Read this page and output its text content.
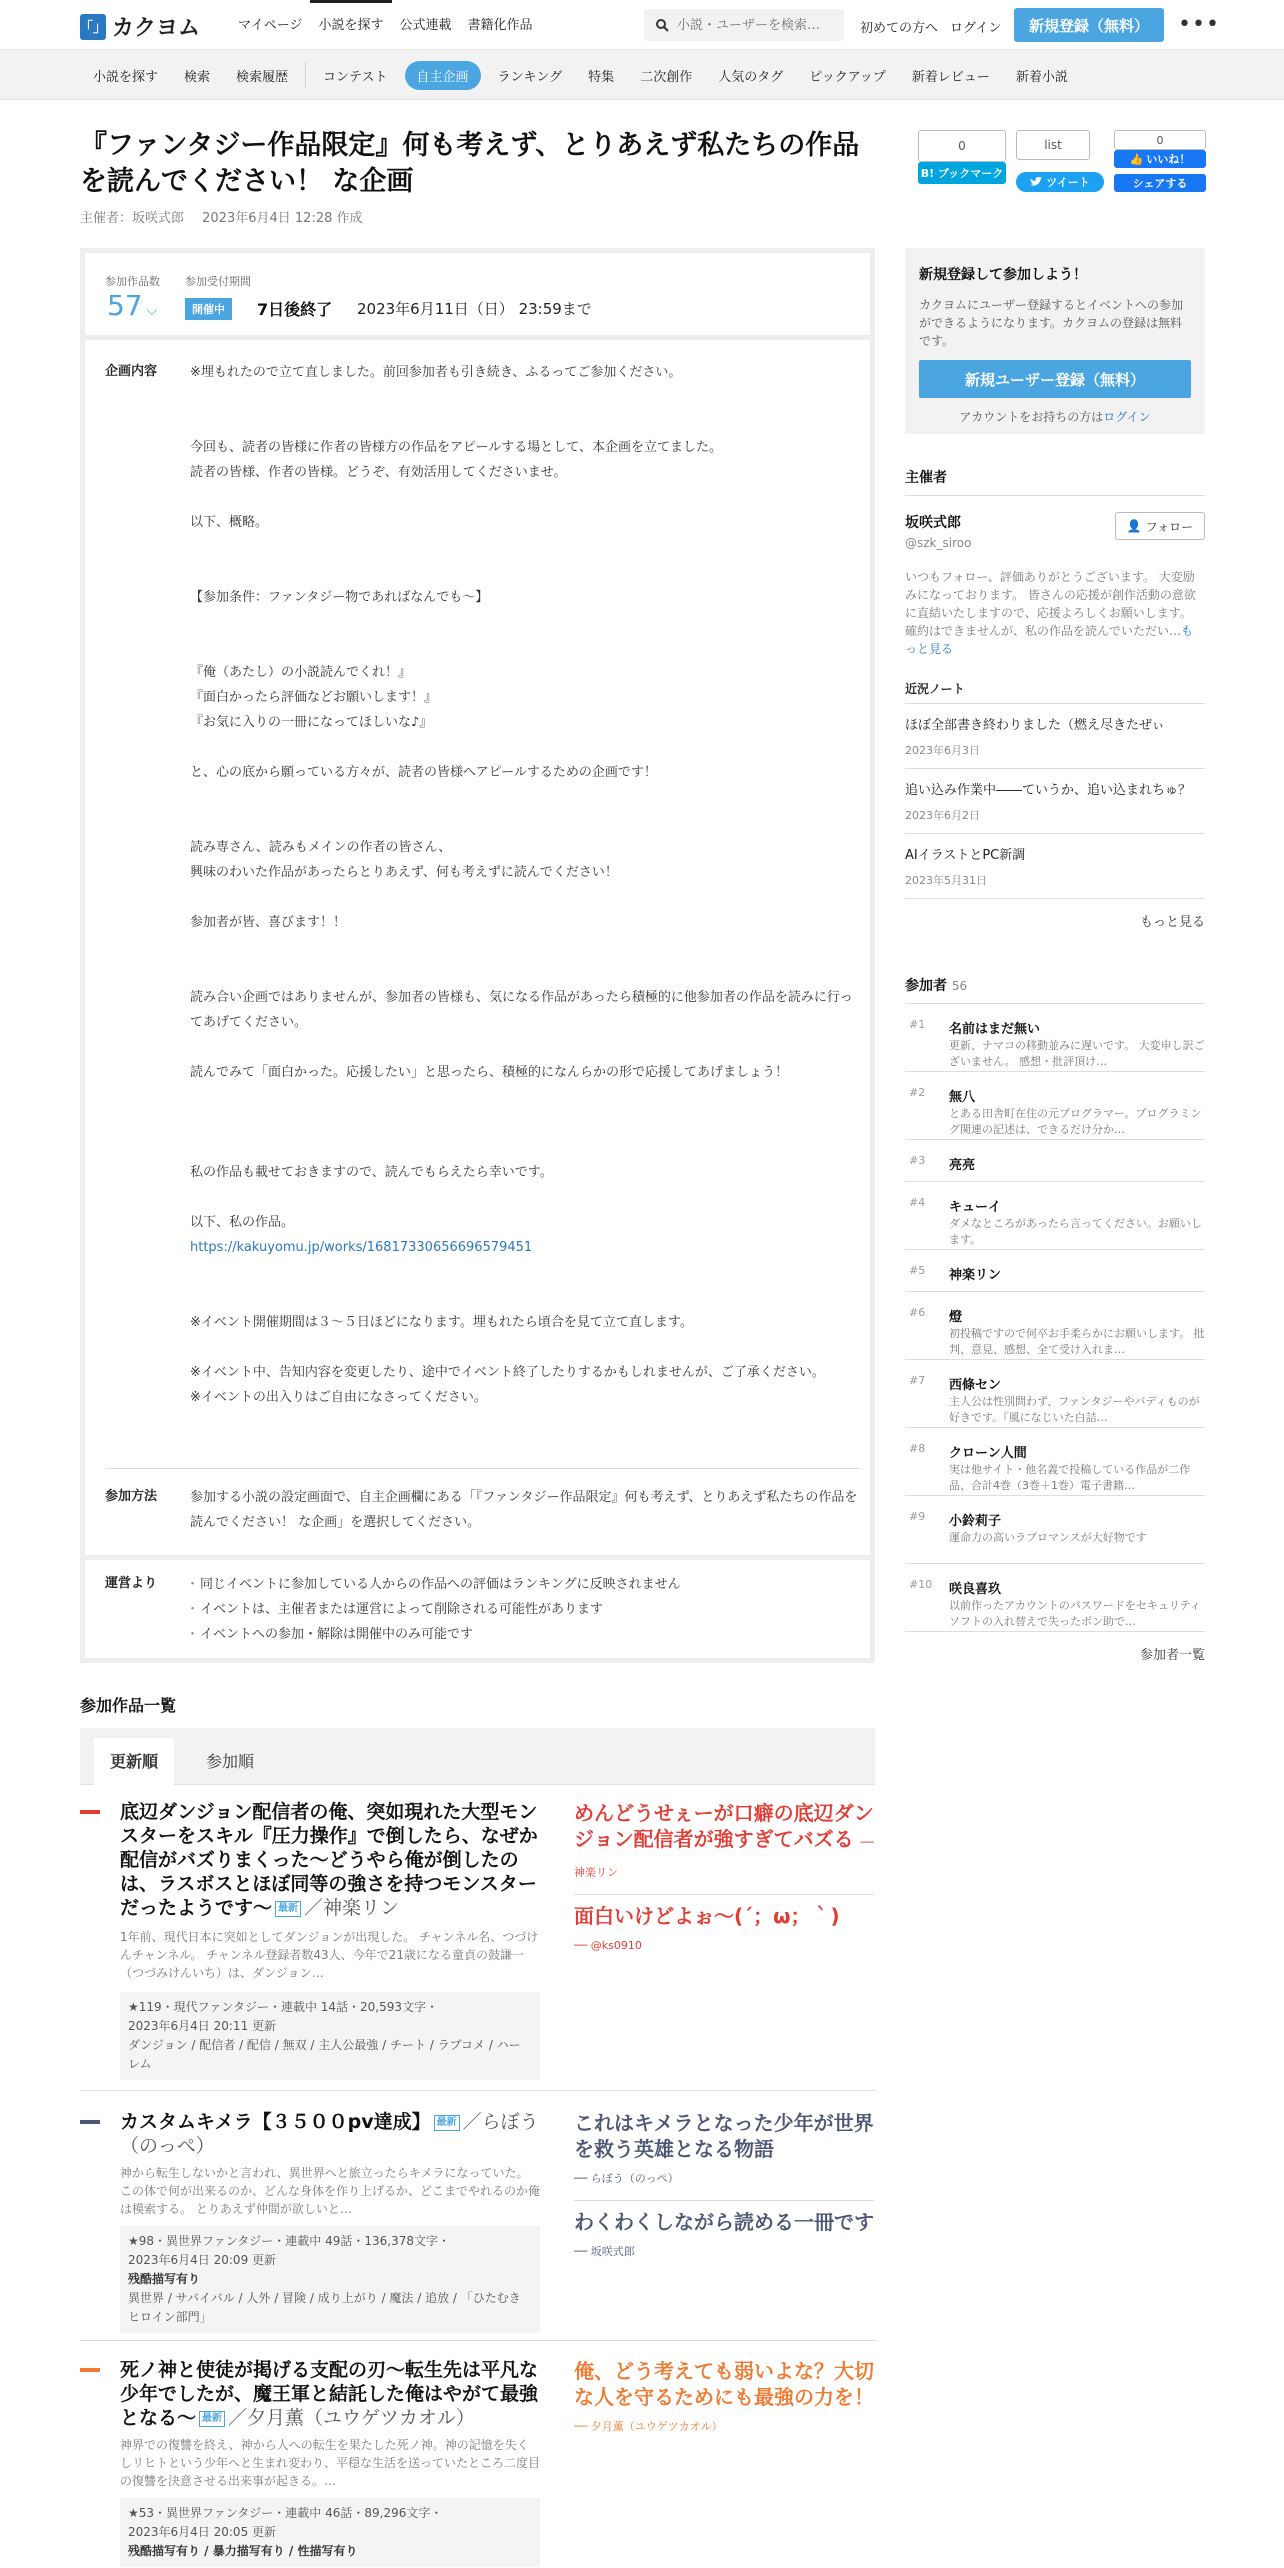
「」 カクヨム	マイページ	小説を探す	公式連載	書籍化作品
小説・ユーザーを検索…	初めての方へ ログイン	新規登録（無料）	•••
小説を探す	検索	検索履歴	コンテスト	自主企画	ランキング	特集	二次創作	人気のタグ	ピックアップ	新着レビュー	新着小説
『ファンタジー作品限定』何も考えず、とりあえず私たちの作品を読んでください！ な企画
主催者：坂咲式郎 2023年6月4日 12:28 作成
0
B! ブックマーク
list
ツイート
0
👍 いいね！
シェアする
参加作品数
57 ⌵
参加受付期間
開催中	7日後終了 2023年6月11日（日） 23:59まで
企画内容	※埋もれたので立て直しました。前回参加者も引き続き、ふるってご参加ください。

今回も、読者の皆様に作者の皆様方の作品をアピールする場として、本企画を立てました。

読者の皆様、作者の皆様。どうぞ、有効活用してくださいませ。

以下、概略。

【参加条件：ファンタジー物であればなんでも～】

『俺（あたし）の小説読んでくれ！』

『面白かったら評価などお願いします！』

『お気に入りの一冊になってほしいな♪』

と、心の底から願っている方々が、読者の皆様へアピールするための企画です！

読み専さん、読みもメインの作者の皆さん、

興味のわいた作品があったらとりあえず、何も考えずに読んでください！

参加者が皆、喜びます！！

読み合い企画ではありませんが、参加者の皆様も、気になる作品があったら積極的に他参加者の作品を読みに行ってあげてください。

読んでみて「面白かった。応援したい」と思ったら、積極的になんらかの形で応援してあげましょう！

私の作品も載せておきますので、読んでもらえたら幸いです。

以下、私の作品。

https://kakuyomu.jp/works/16817330656696579451

※イベント開催期間は３～５日ほどになります。埋もれたら頃合を見て立て直します。

※イベント中、告知内容を変更したり、途中でイベント終了したりするかもしれませんが、ご了承ください。

※イベントの出入りはご自由になさってください。

参加方法	参加する小説の設定画面で、自主企画欄にある「『ファンタジー作品限定』何も考えず、とりあえず私たちの作品を読んでください！ な企画」を選択してください。
運営より
・	同じイベントに参加している人からの作品への評価はランキングに反映されません
・ イベントは、主催者または運営によって削除される可能性があります
・ イベントへの参加・解除は開催中のみ可能です
参加作品一覧
更新順	参加順
底辺ダンジョン配信者の俺、突如現れた大型モンスターをスキル『圧力操作』で倒したら、なぜか配信がバズりまくった～どうやら俺が倒したのは、ラスボスとほぼ同等の強さを持つモンスターだったようです～ 最新 ／神楽リン
1年前、現代日本に突如としてダンジョンが出現した。 チャンネル名、つづけんチャンネル。 チャンネル登録者数43人、今年で21歳になる童貞の鼓謙一（つづみけんいち）は、ダンジョン…
★119・現代ファンタジー・連載中 14話・20,593文字・
2023年6月4日 20:11 更新
ダンジョン / 配信者 / 配信 / 無双 / 主人公最強 / チート / ラブコメ / ハーレム
めんどうせぇーが口癖の底辺ダンジョン配信者が強すぎてバズる ── 神楽リン
面白いけどよぉ〜(´；ω；｀)
── @ks0910
カスタムキメラ【３５００pv達成】 最新 ／らぼう（のっぺ）
神から転生しないかと言われ、異世界へと旅立ったらキメラになっていた。 この体で何が出来るのか、どんな身体を作り上げるか、どこまでやれるのか俺は模索する。 とりあえず仲間が欲しいと…
★98・異世界ファンタジー・連載中 49話・136,378文字・
2023年6月4日 20:09 更新
残酷描写有り
異世界 / サバイバル / 人外 / 冒険 / 成り上がり / 魔法 / 追放 / 「ひたむきヒロイン部門」
これはキメラとなった少年が世界を救う英雄となる物語
── らぼう（のっぺ）
わくわくしながら読める一冊です ── 坂咲式郎
死ノ神と使徒が掲げる支配の刃〜転生先は平凡な少年でしたが、魔王軍と結託した俺はやがて最強となる〜 最新 ／夕月薫（ユウゲツカオル）
神界での復讐を終え、神から人への転生を果たした死ノ神。神の記憶を失くしリヒトという少年へと生まれ変わり、平穏な生活を送っていたところ二度目の復讐を決意させる出来事が起きる。…
★53・異世界ファンタジー・連載中 46話・89,296文字・
2023年6月4日 20:05 更新
残酷描写有り / 暴力描写有り / 性描写有り
俺、どう考えても弱いよな？大切な人を守るためにも最強の力を！ ── 夕月薫（ユウゲツカオル）
新規登録して参加しよう！
カクヨムにユーザー登録するとイベントへの参加ができるようになります。カクヨムの登録は無料です。
新規ユーザー登録（無料）
アカウントをお持ちの方はログイン
主催者
坂咲式郎
@szk_siroo
👤 フォロー
いつもフォロー、評価ありがとうございます。 大変励みになっております。 皆さんの応援が創作活動の意欲に直結いたしますので、応援よろしくお願いします。 確約はできませんが、私の作品を読んでいただい…もっと見る
近況ノート
ほぼ全部書き終わりました（燃え尽きたぜぃ
2023年6月3日
追い込み作業中――ていうか、追い込まれちゅ？
2023年6月2日
AIイラストとPC新調
2023年5月31日
もっと見る
参加者 56
#1 名前はまだ無い
更新、ナマコの移動並みに遅いです。 大変申し訳ございません。 感想・批評頂け…
#2 無八
とある田舎町在住の元プログラマー。プログラミング関連の記述は、できるだけ分か…
#3 亮亮
#4 キューイ
ダメなところがあったら言ってください。お願いします。
#5 神楽リン
#6 燈
初投稿ですので何卒お手柔らかにお願いします。 批判、意見、感想、全て受け入れま…
#7 西條セン
主人公は性別問わず、ファンタジーやバディものが好きです。『風になじいた白詰…
#8 クローン人間
実は他サイト・他名義で投稿している作品が二作品、合計4巻（3巻＋1巻）電子書籍…
#9 小鈴莉子
運命力の高いラブロマンスが大好物です
#10 咲良喜玖
以前作ったアカウントのパスワードをセキュリティソフトの入れ替えで失ったボン助で…
参加者一覧
